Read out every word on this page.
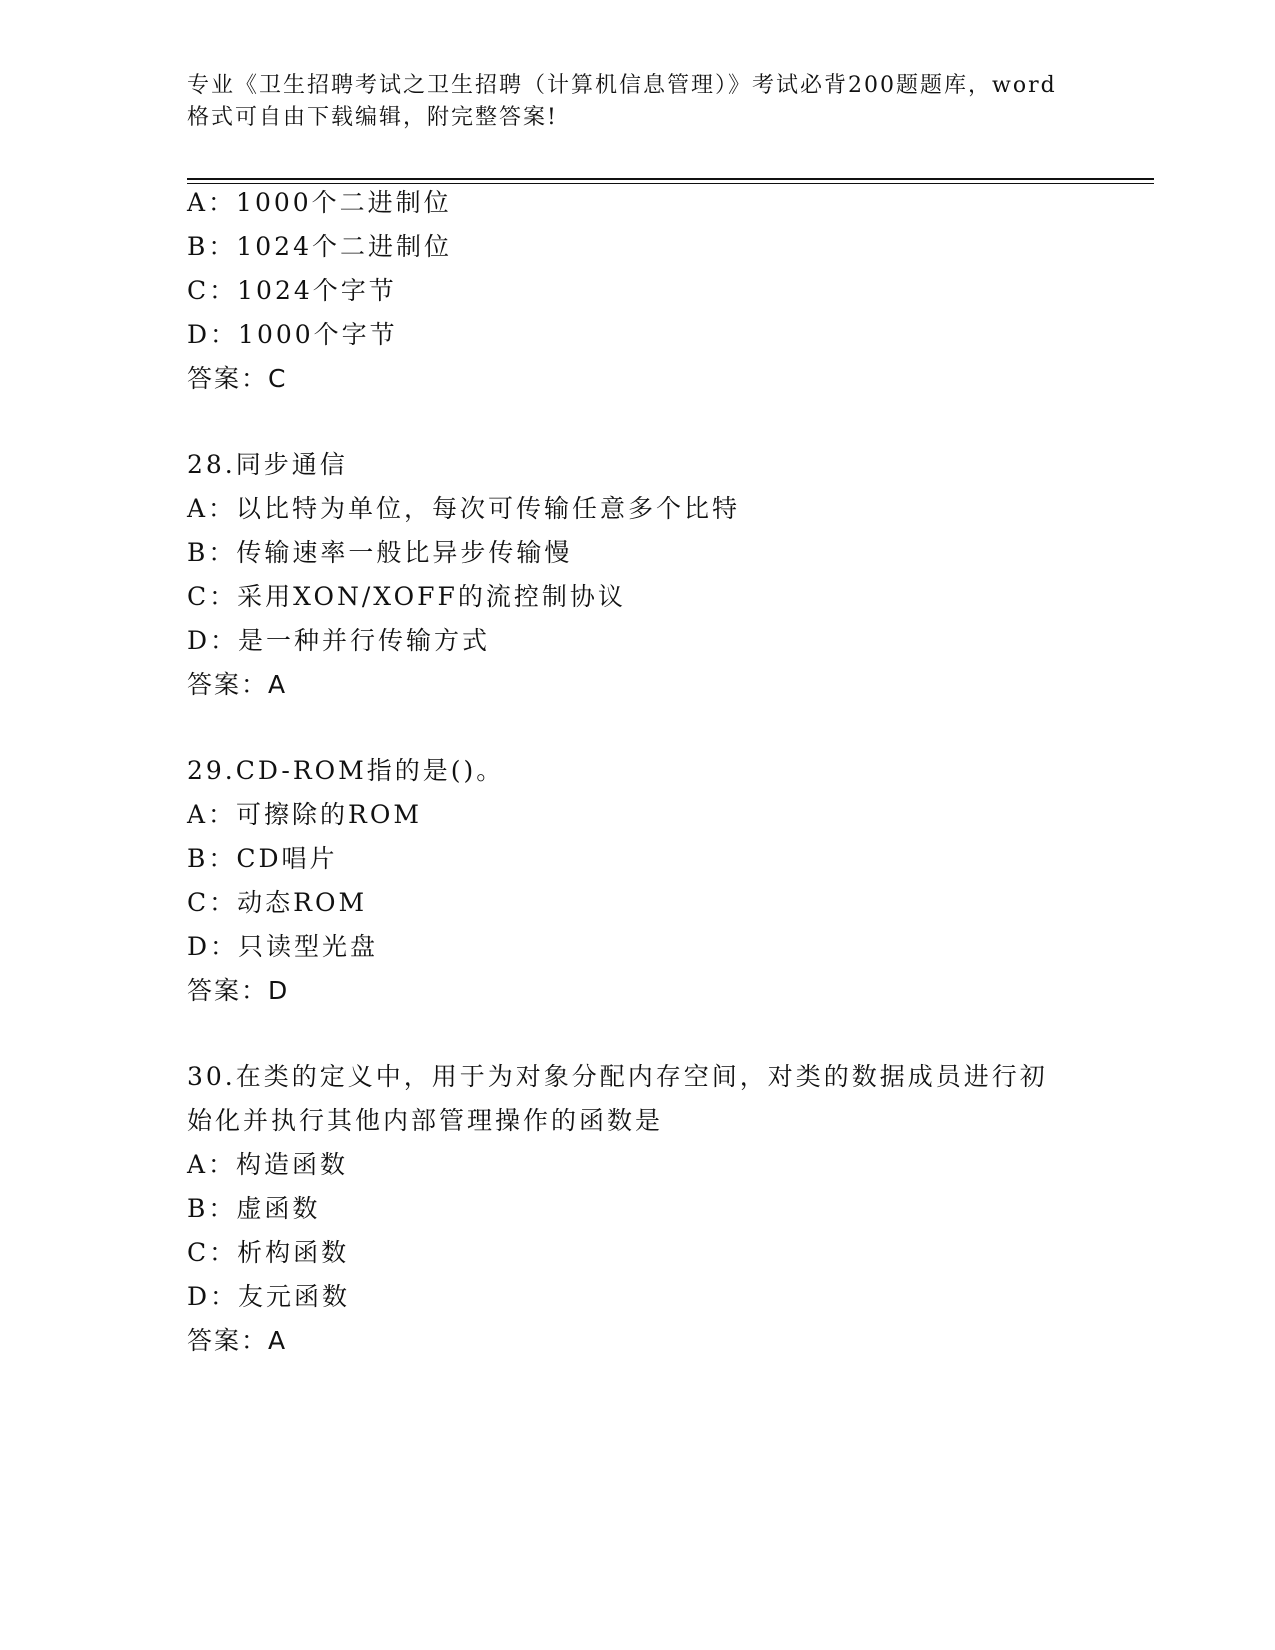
专业《卫生招聘考试之卫生招聘（计算机信息管理）》考试必背200题题库，word
格式可自由下载编辑，附完整答案!
A：1000个二进制位
B：1024个二进制位
C：1024个字节
D：1000个字节
答案：C
28.同步通信
A：以比特为单位，每次可传输任意多个比特
B：传输速率一般比异步传输慢
C：采用XON/XOFF的流控制协议
D：是一种并行传输方式
答案：A
29.CD-ROM指的是()。
A：可擦除的ROM
B：CD唱片
C：动态ROM
D：只读型光盘
答案：D
30.在类的定义中，用于为对象分配内存空间，对类的数据成员进行初
始化并执行其他内部管理操作的函数是
A：构造函数
B：虚函数
C：析构函数
D：友元函数
答案：A
